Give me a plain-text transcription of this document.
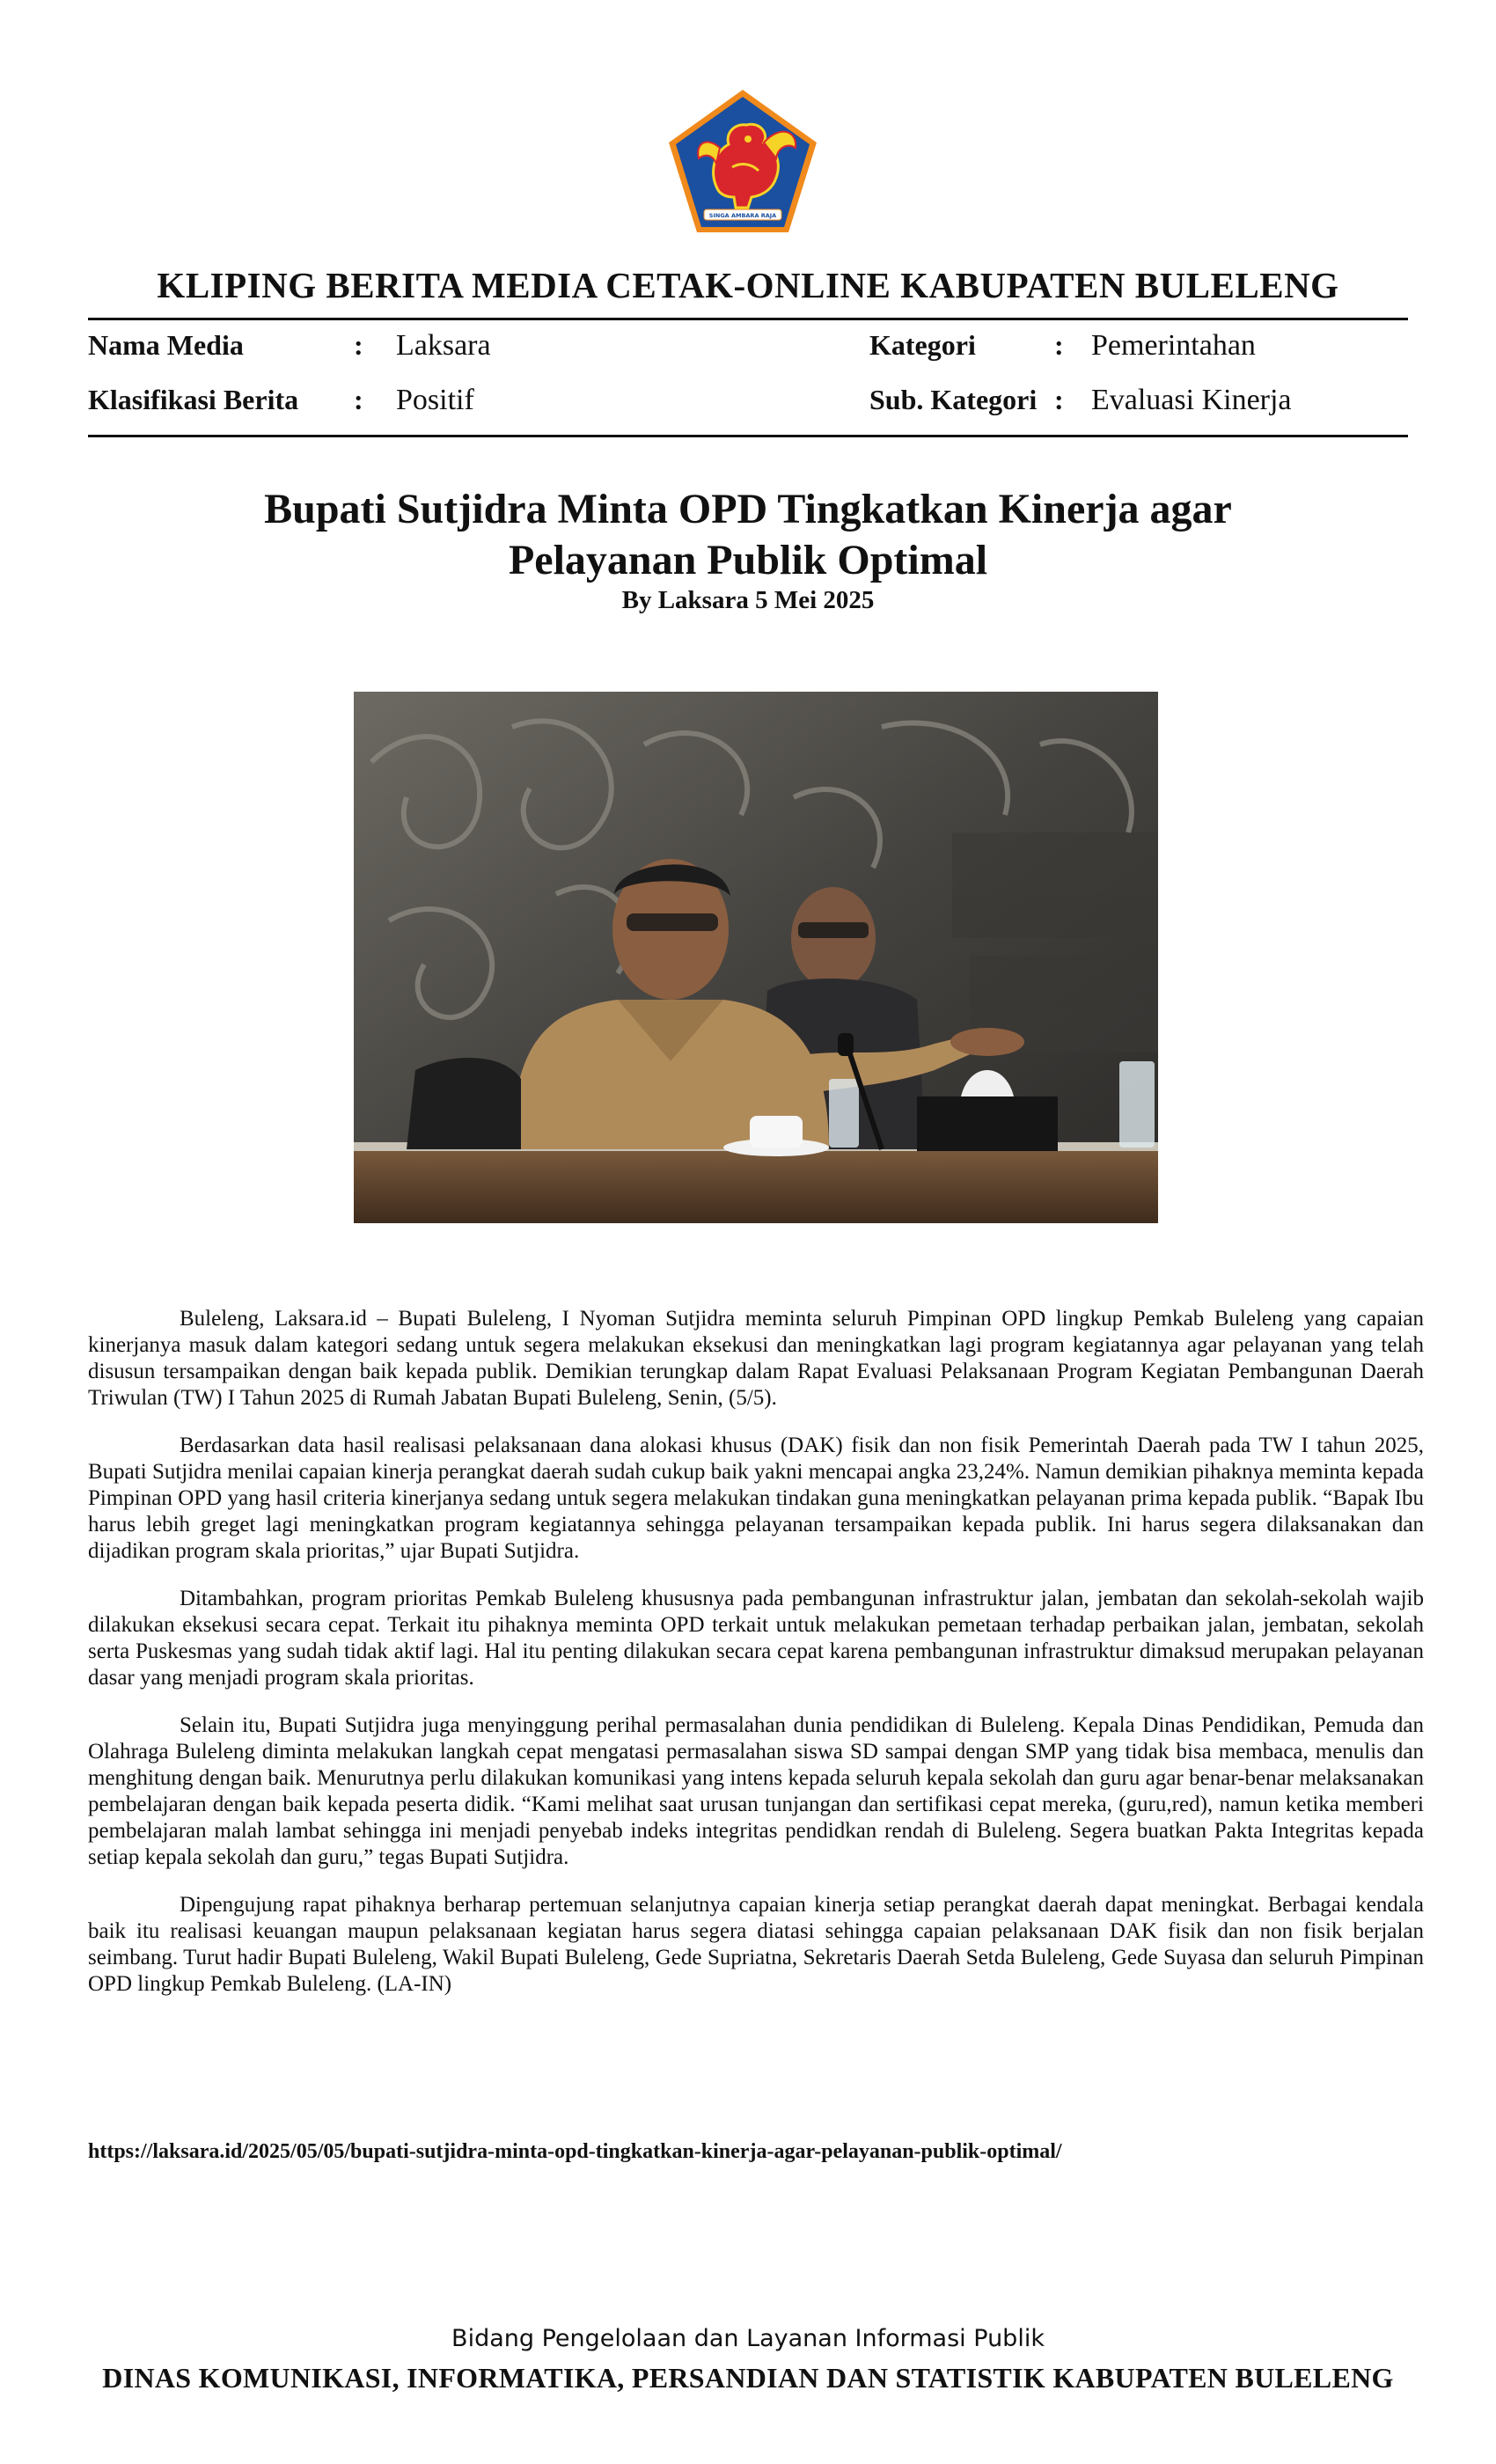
SINGA AMBARA RAJA
KLIPING BERITA MEDIA CETAK-ONLINE KABUPATEN BULELENG
Nama Media	: Laksara	Kategori	: Pemerintahan
Klasifikasi Berita : Positif	Sub. Kategori : Evaluasi Kinerja
Bupati Sutjidra Minta OPD Tingkatkan Kinerja agar
Pelayanan Publik Optimal
By Laksara 5 Mei 2025

Buleleng, Laksara.id – Bupati Buleleng, I Nyoman Sutjidra meminta seluruh Pimpinan OPD lingkup Pemkab Buleleng yang capaian kinerjanya masuk dalam kategori sedang untuk segera melakukan eksekusi dan meningkatkan lagi program kegiatannya agar pelayanan yang telah disusun tersampaikan dengan baik kepada publik. Demikian terungkap dalam Rapat Evaluasi Pelaksanaan Program Kegiatan Pembangunan Daerah Triwulan (TW) I Tahun 2025 di Rumah Jabatan Bupati Buleleng, Senin, (5/5).

Berdasarkan data hasil realisasi pelaksanaan dana alokasi khusus (DAK) fisik dan non fisik Pemerintah Daerah pada TW I tahun 2025, Bupati Sutjidra menilai capaian kinerja perangkat daerah sudah cukup baik yakni mencapai angka 23,24%. Namun demikian pihaknya meminta kepada Pimpinan OPD yang hasil criteria kinerjanya sedang untuk segera melakukan tindakan guna meningkatkan pelayanan prima kepada publik. “Bapak Ibu harus lebih greget lagi meningkatkan program kegiatannya sehingga pelayanan tersampaikan kepada publik. Ini harus segera dilaksanakan dan dijadikan program skala prioritas,” ujar Bupati Sutjidra.

Ditambahkan, program prioritas Pemkab Buleleng khususnya pada pembangunan infrastruktur jalan, jembatan dan sekolah-sekolah wajib dilakukan eksekusi secara cepat. Terkait itu pihaknya meminta OPD terkait untuk melakukan pemetaan terhadap perbaikan jalan, jembatan, sekolah serta Puskesmas yang sudah tidak aktif lagi. Hal itu penting dilakukan secara cepat karena pembangunan infrastruktur dimaksud merupakan pelayanan dasar yang menjadi program skala prioritas.

Selain itu, Bupati Sutjidra juga menyinggung perihal permasalahan dunia pendidikan di Buleleng. Kepala Dinas Pendidikan, Pemuda dan Olahraga Buleleng diminta melakukan langkah cepat mengatasi permasalahan siswa SD sampai dengan SMP yang tidak bisa membaca, menulis dan menghitung dengan baik. Menurutnya perlu dilakukan komunikasi yang intens kepada seluruh kepala sekolah dan guru agar benar-benar melaksanakan pembelajaran dengan baik kepada peserta didik. “Kami melihat saat urusan tunjangan dan sertifikasi cepat mereka, (guru,red), namun ketika memberi pembelajaran malah lambat sehingga ini menjadi penyebab indeks integritas pendidkan rendah di Buleleng. Segera buatkan Pakta Integritas kepada setiap kepala sekolah dan guru,” tegas Bupati Sutjidra.

Dipengujung rapat pihaknya berharap pertemuan selanjutnya capaian kinerja setiap perangkat daerah dapat meningkat. Berbagai kendala baik itu realisasi keuangan maupun pelaksanaan kegiatan harus segera diatasi sehingga capaian pelaksanaan DAK fisik dan non fisik berjalan seimbang. Turut hadir Bupati Buleleng, Wakil Bupati Buleleng, Gede Supriatna, Sekretaris Daerah Setda Buleleng, Gede Suyasa dan seluruh Pimpinan OPD lingkup Pemkab Buleleng. (LA-IN)

https://laksara.id/2025/05/05/bupati-sutjidra-minta-opd-tingkatkan-kinerja-agar-pelayanan-publik-optimal/
Bidang Pengelolaan dan Layanan Informasi Publik
DINAS KOMUNIKASI, INFORMATIKA, PERSANDIAN DAN STATISTIK KABUPATEN BULELENG
